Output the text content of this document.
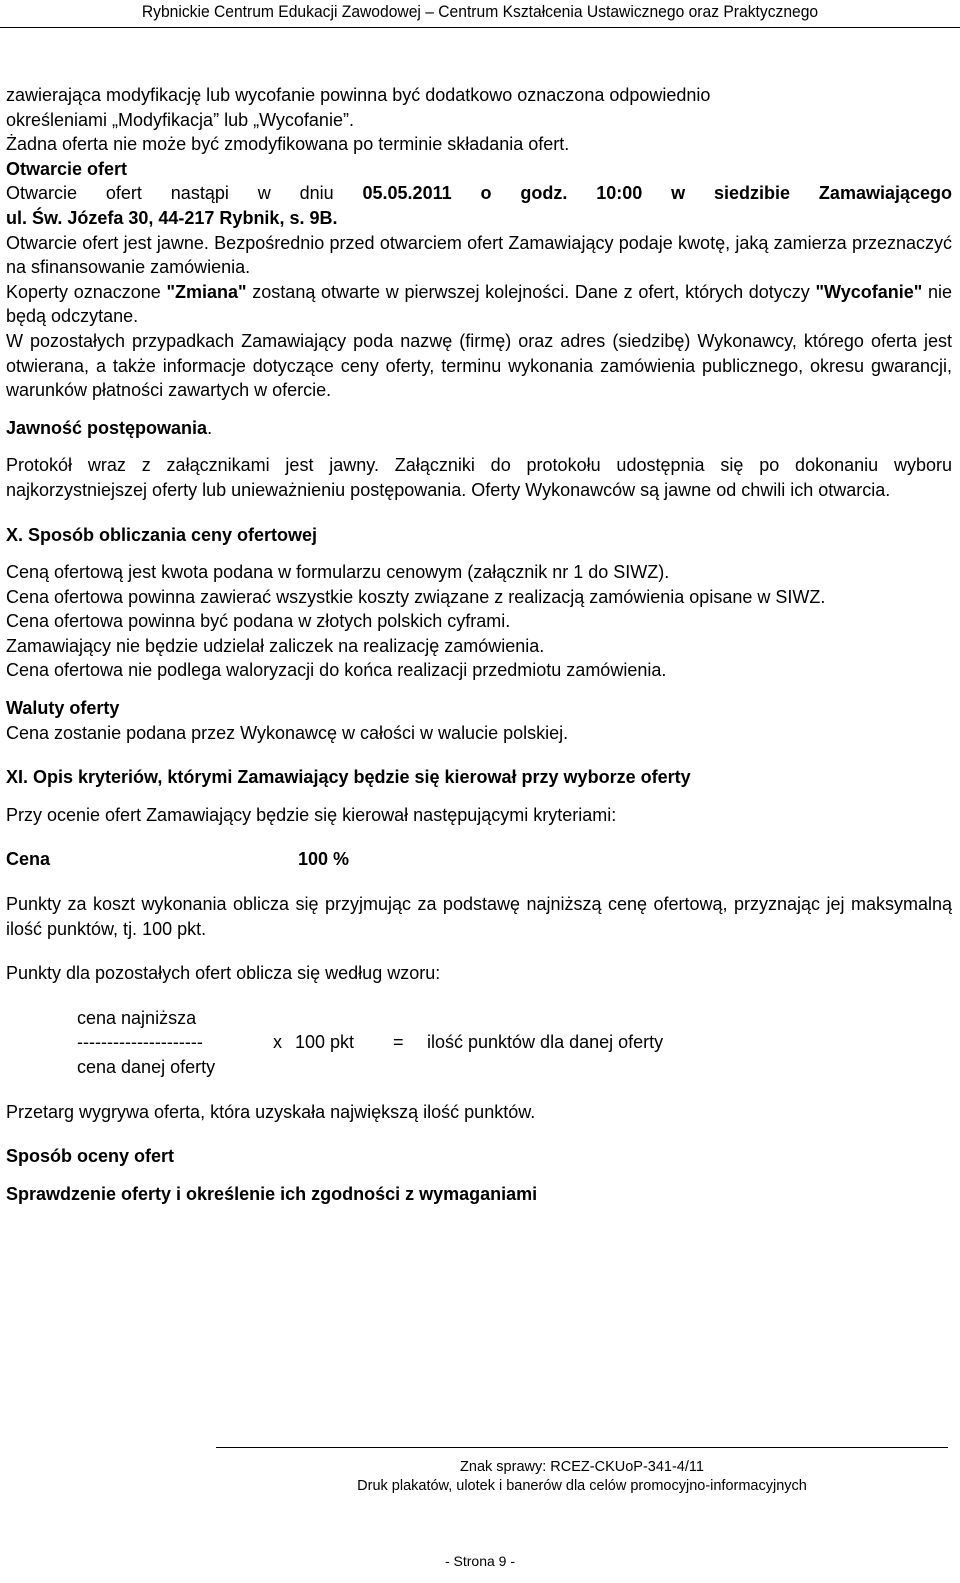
Rybnickie Centrum Edukacji Zawodowej – Centrum Kształcenia Ustawicznego oraz Praktycznego

zawierająca modyfikację lub wycofanie powinna być dodatkowo oznaczona odpowiednio

określeniami „Modyfikacja” lub „Wycofanie”.

Żadna oferta nie może być zmodyfikowana po terminie składania ofert.

Otwarcie ofert

Otwarcie ofert nastąpi w dniu 05.05.2011 o godz. 10:00 w siedzibie Zamawiającego

ul. Św. Józefa 30, 44-217 Rybnik, s. 9B.

Otwarcie ofert jest jawne. Bezpośrednio przed otwarciem ofert Zamawiający podaje kwotę, jaką zamierza przeznaczyć na sfinansowanie zamówienia.

Koperty oznaczone "Zmiana" zostaną otwarte w pierwszej kolejności. Dane z ofert, których dotyczy "Wycofanie" nie będą odczytane.

W pozostałych przypadkach Zamawiający poda nazwę (firmę) oraz adres (siedzibę) Wykonawcy, którego oferta jest otwierana, a także informacje dotyczące ceny oferty, terminu wykonania zamówienia publicznego, okresu gwarancji, warunków płatności zawartych w ofercie.

Jawność postępowania.

Protokół wraz z załącznikami jest jawny. Załączniki do protokołu udostępnia się po dokonaniu wyboru najkorzystniejszej oferty lub unieważnieniu postępowania. Oferty Wykonawców są jawne od chwili ich otwarcia.

X. Sposób obliczania ceny ofertowej

Ceną ofertową jest kwota podana w formularzu cenowym (załącznik nr 1 do SIWZ).

Cena ofertowa powinna zawierać wszystkie koszty związane z realizacją zamówienia opisane w SIWZ.

Cena ofertowa powinna być podana w złotych polskich cyframi.

Zamawiający nie będzie udzielał zaliczek na realizację zamówienia.

Cena ofertowa nie podlega waloryzacji do końca realizacji przedmiotu zamówienia.

Waluty oferty

Cena zostanie podana przez Wykonawcę w całości w walucie polskiej.

XI. Opis kryteriów, którymi Zamawiający będzie się kierował przy wyborze oferty

Przy ocenie ofert Zamawiający będzie się kierował następującymi kryteriami:

Cena	100 %

Punkty za koszt wykonania oblicza się przyjmując za podstawę najniższą cenę ofertową, przyznając jej maksymalną ilość punktów, tj. 100 pkt.

Punkty dla pozostałych ofert oblicza się według wzoru:

cena najniższa
---------------------	x 100 pkt	=	ilość punktów dla danej oferty
cena danej oferty

Przetarg wygrywa oferta, która uzyskała największą ilość punktów.

Sposób oceny ofert

Sprawdzenie oferty i określenie ich zgodności z wymaganiami

Znak sprawy: RCEZ-CKUoP-341-4/11
Druk plakatów, ulotek i banerów dla celów promocyjno-informacyjnych
- Strona 9 -
